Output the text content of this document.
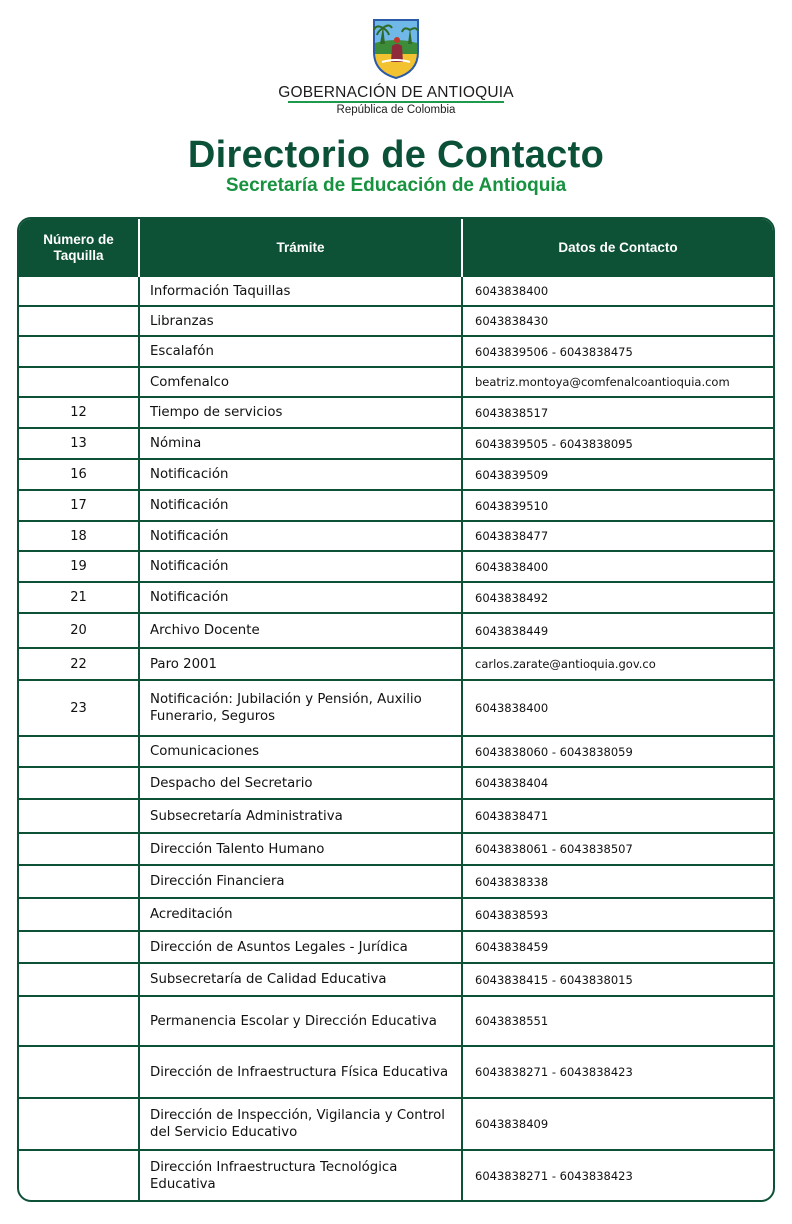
GOBERNACIÓN DE ANTIOQUIA
República de Colombia
Directorio de Contacto
Secretaría de Educación de Antioquia
Número de Taquilla	Trámite	Datos de Contacto
	Información Taquillas	6043838400
	Libranzas	6043838430
	Escalafón	6043839506 - 6043838475
	Comfenalco	beatriz.montoya@comfenalcoantioquia.com
12	Tiempo de servicios	6043838517
13	Nómina	6043839505 - 6043838095
16	Notificación	6043839509
17	Notificación	6043839510
18	Notificación	6043838477
19	Notificación	6043838400
21	Notificación	6043838492
20	Archivo Docente	6043838449
22	Paro 2001	carlos.zarate@antioquia.gov.co
23	Notificación: Jubilación y Pensión, Auxilio Funerario, Seguros	6043838400
	Comunicaciones	6043838060 - 6043838059
	Despacho del Secretario	6043838404
	Subsecretaría Administrativa	6043838471
	Dirección Talento Humano	6043838061 - 6043838507
	Dirección Financiera	6043838338
	Acreditación	6043838593
	Dirección de Asuntos Legales - Jurídica	6043838459
	Subsecretaría de Calidad Educativa	6043838415 - 6043838015
	Permanencia Escolar y Dirección Educativa	6043838551
	Dirección de Infraestructura Física Educativa	6043838271 - 6043838423
	Dirección de Inspección, Vigilancia y Control del Servicio Educativo	6043838409
	Dirección Infraestructura Tecnológica Educativa	6043838271 - 6043838423
